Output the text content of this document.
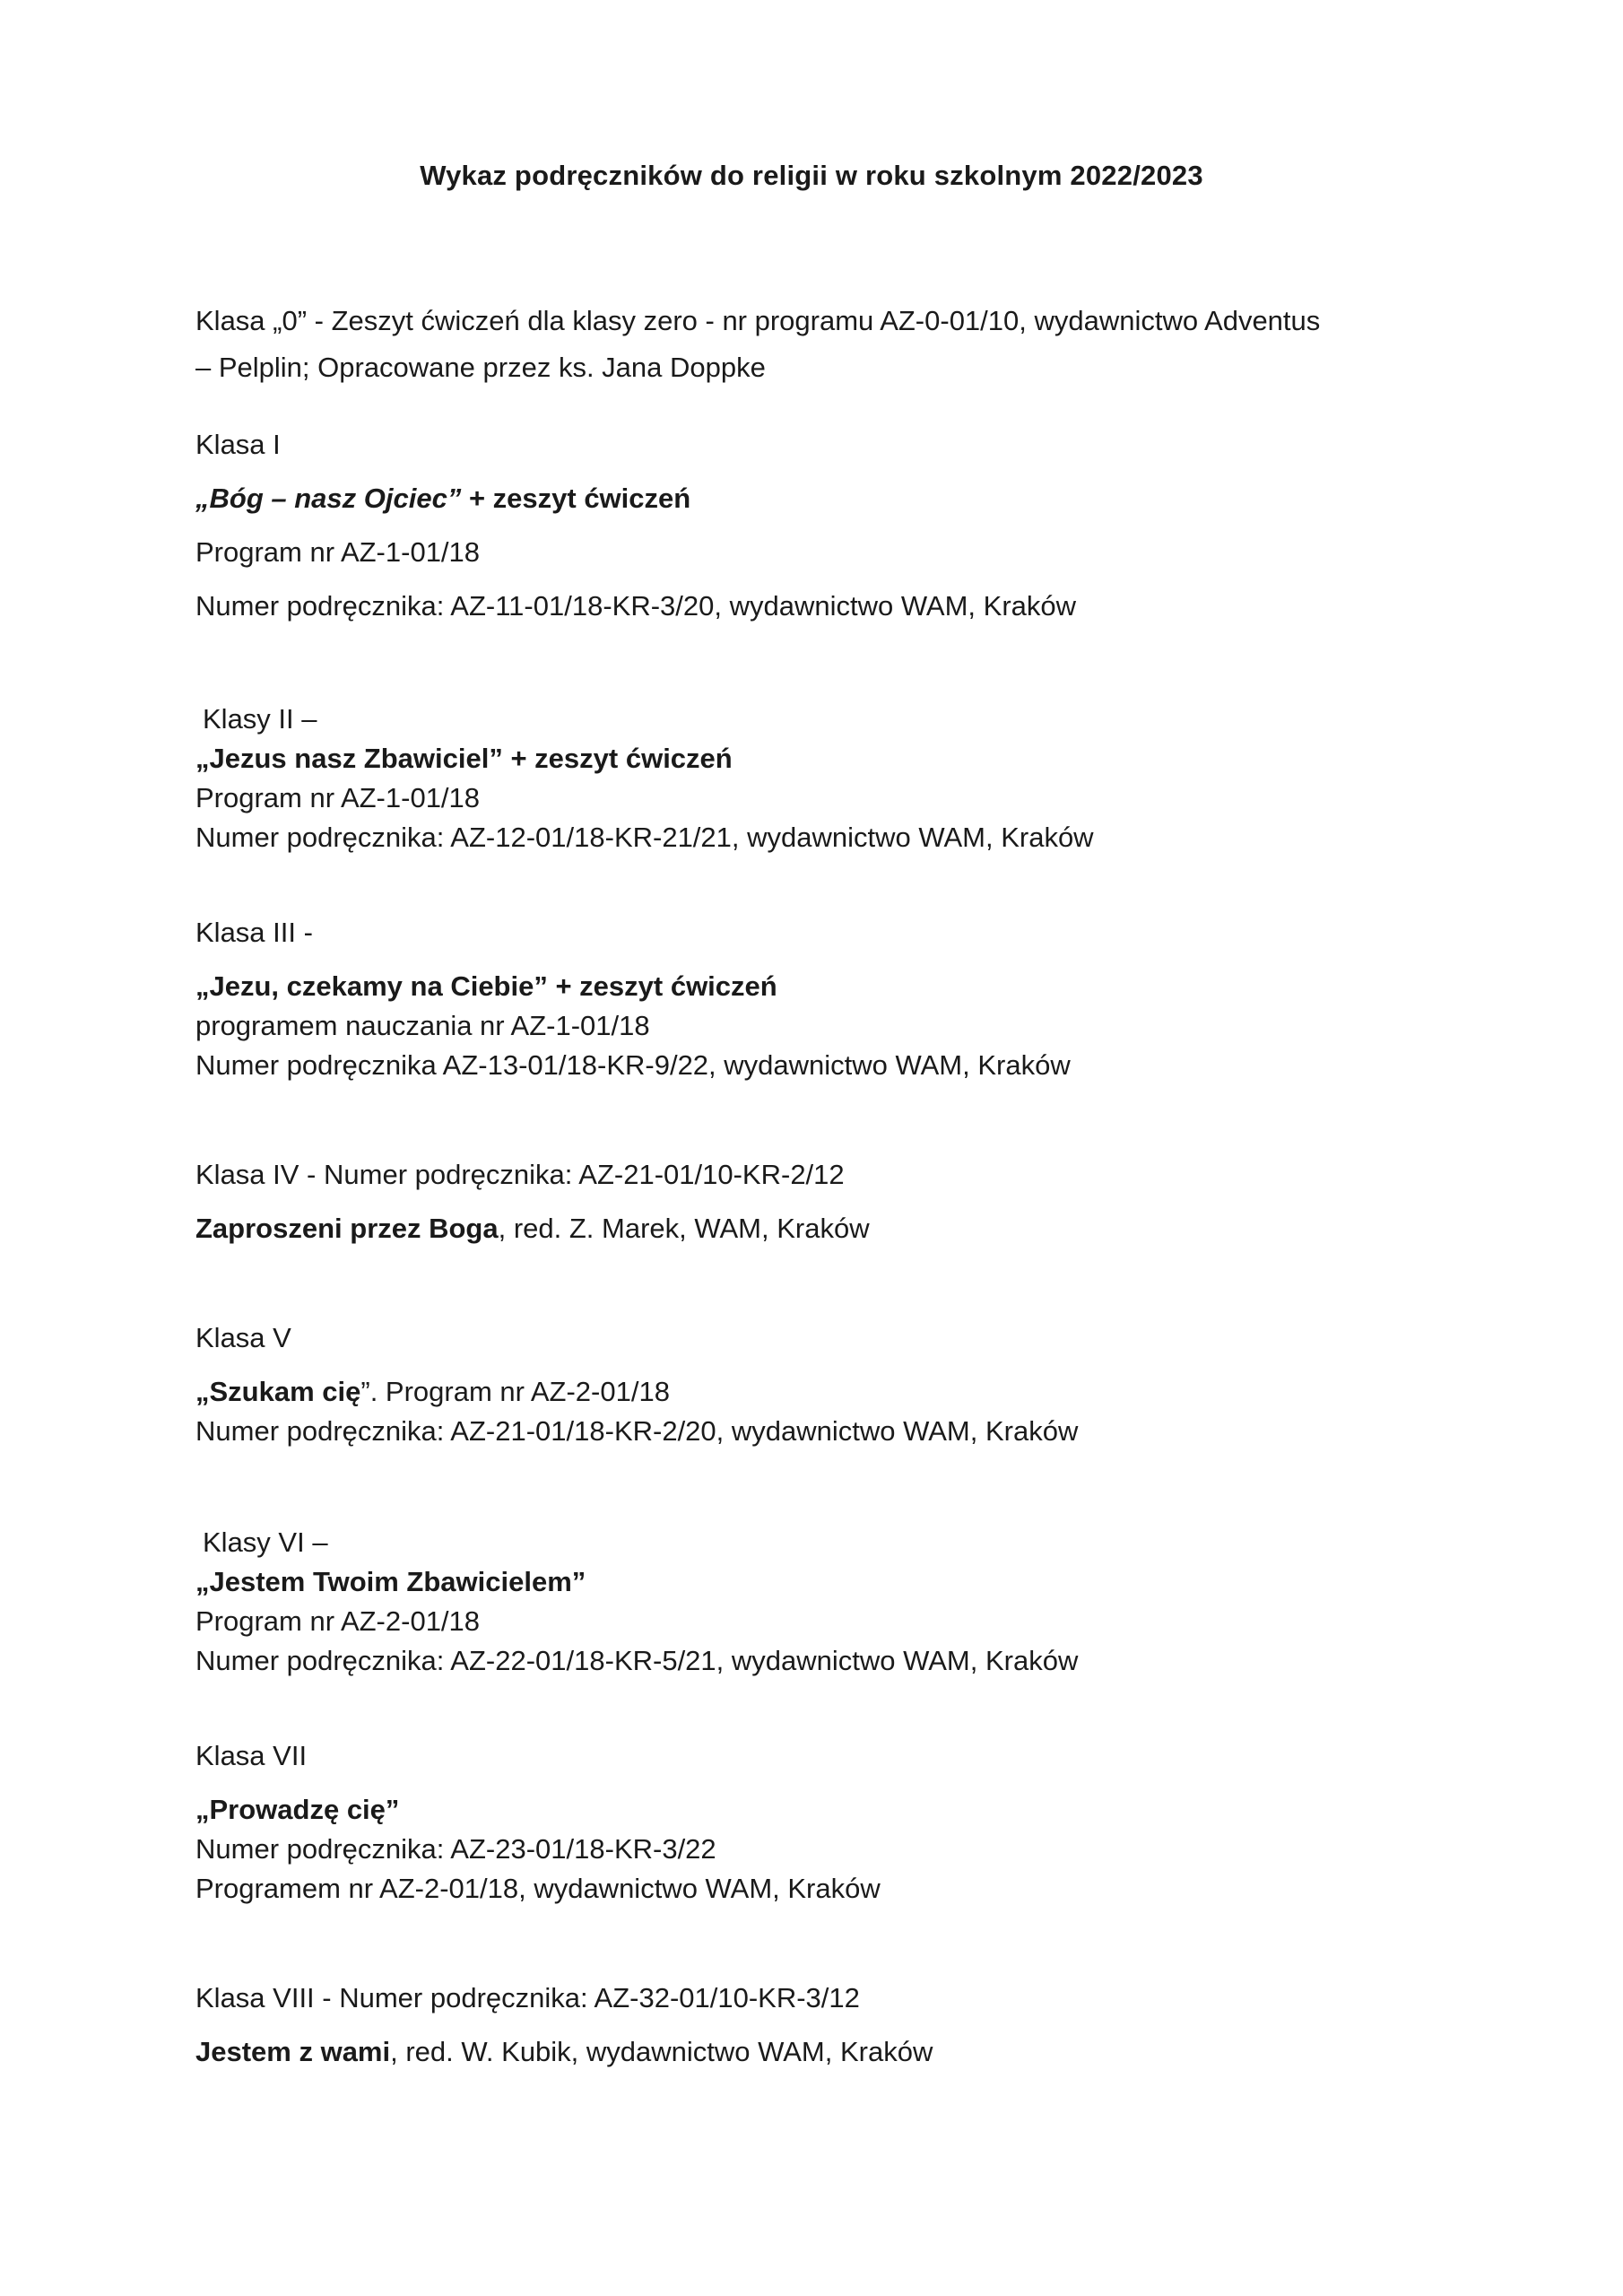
Wykaz podręczników do religii w roku szkolnym 2022/2023
Klasa „0” - Zeszyt ćwiczeń dla klasy zero - nr programu AZ-0-01/10, wydawnictwo Adventus
– Pelplin; Opracowane przez ks. Jana Doppke
Klasa I
„Bóg – nasz Ojciec” + zeszyt ćwiczeń
Program nr AZ-1-01/18
Numer podręcznika: AZ-11-01/18-KR-3/20, wydawnictwo WAM, Kraków
Klasy II –
„Jezus nasz Zbawiciel” + zeszyt ćwiczeń
Program nr AZ-1-01/18
Numer podręcznika: AZ-12-01/18-KR-21/21, wydawnictwo WAM, Kraków
Klasa III -
„Jezu, czekamy na Ciebie” + zeszyt ćwiczeń
programem nauczania nr AZ-1-01/18
Numer podręcznika AZ-13-01/18-KR-9/22, wydawnictwo WAM, Kraków
Klasa IV - Numer podręcznika: AZ-21-01/10-KR-2/12
Zaproszeni przez Boga, red. Z. Marek, WAM, Kraków
Klasa V
„Szukam cię”. Program nr AZ-2-01/18
Numer podręcznika: AZ-21-01/18-KR-2/20, wydawnictwo WAM, Kraków
Klasy VI –
„Jestem Twoim Zbawicielem”
Program nr AZ-2-01/18
Numer podręcznika: AZ-22-01/18-KR-5/21, wydawnictwo WAM, Kraków
Klasa VII
„Prowadzę cię”
Numer podręcznika: AZ-23-01/18-KR-3/22
Programem nr AZ-2-01/18, wydawnictwo WAM, Kraków
Klasa VIII - Numer podręcznika: AZ-32-01/10-KR-3/12
Jestem z wami, red. W. Kubik, wydawnictwo WAM, Kraków
